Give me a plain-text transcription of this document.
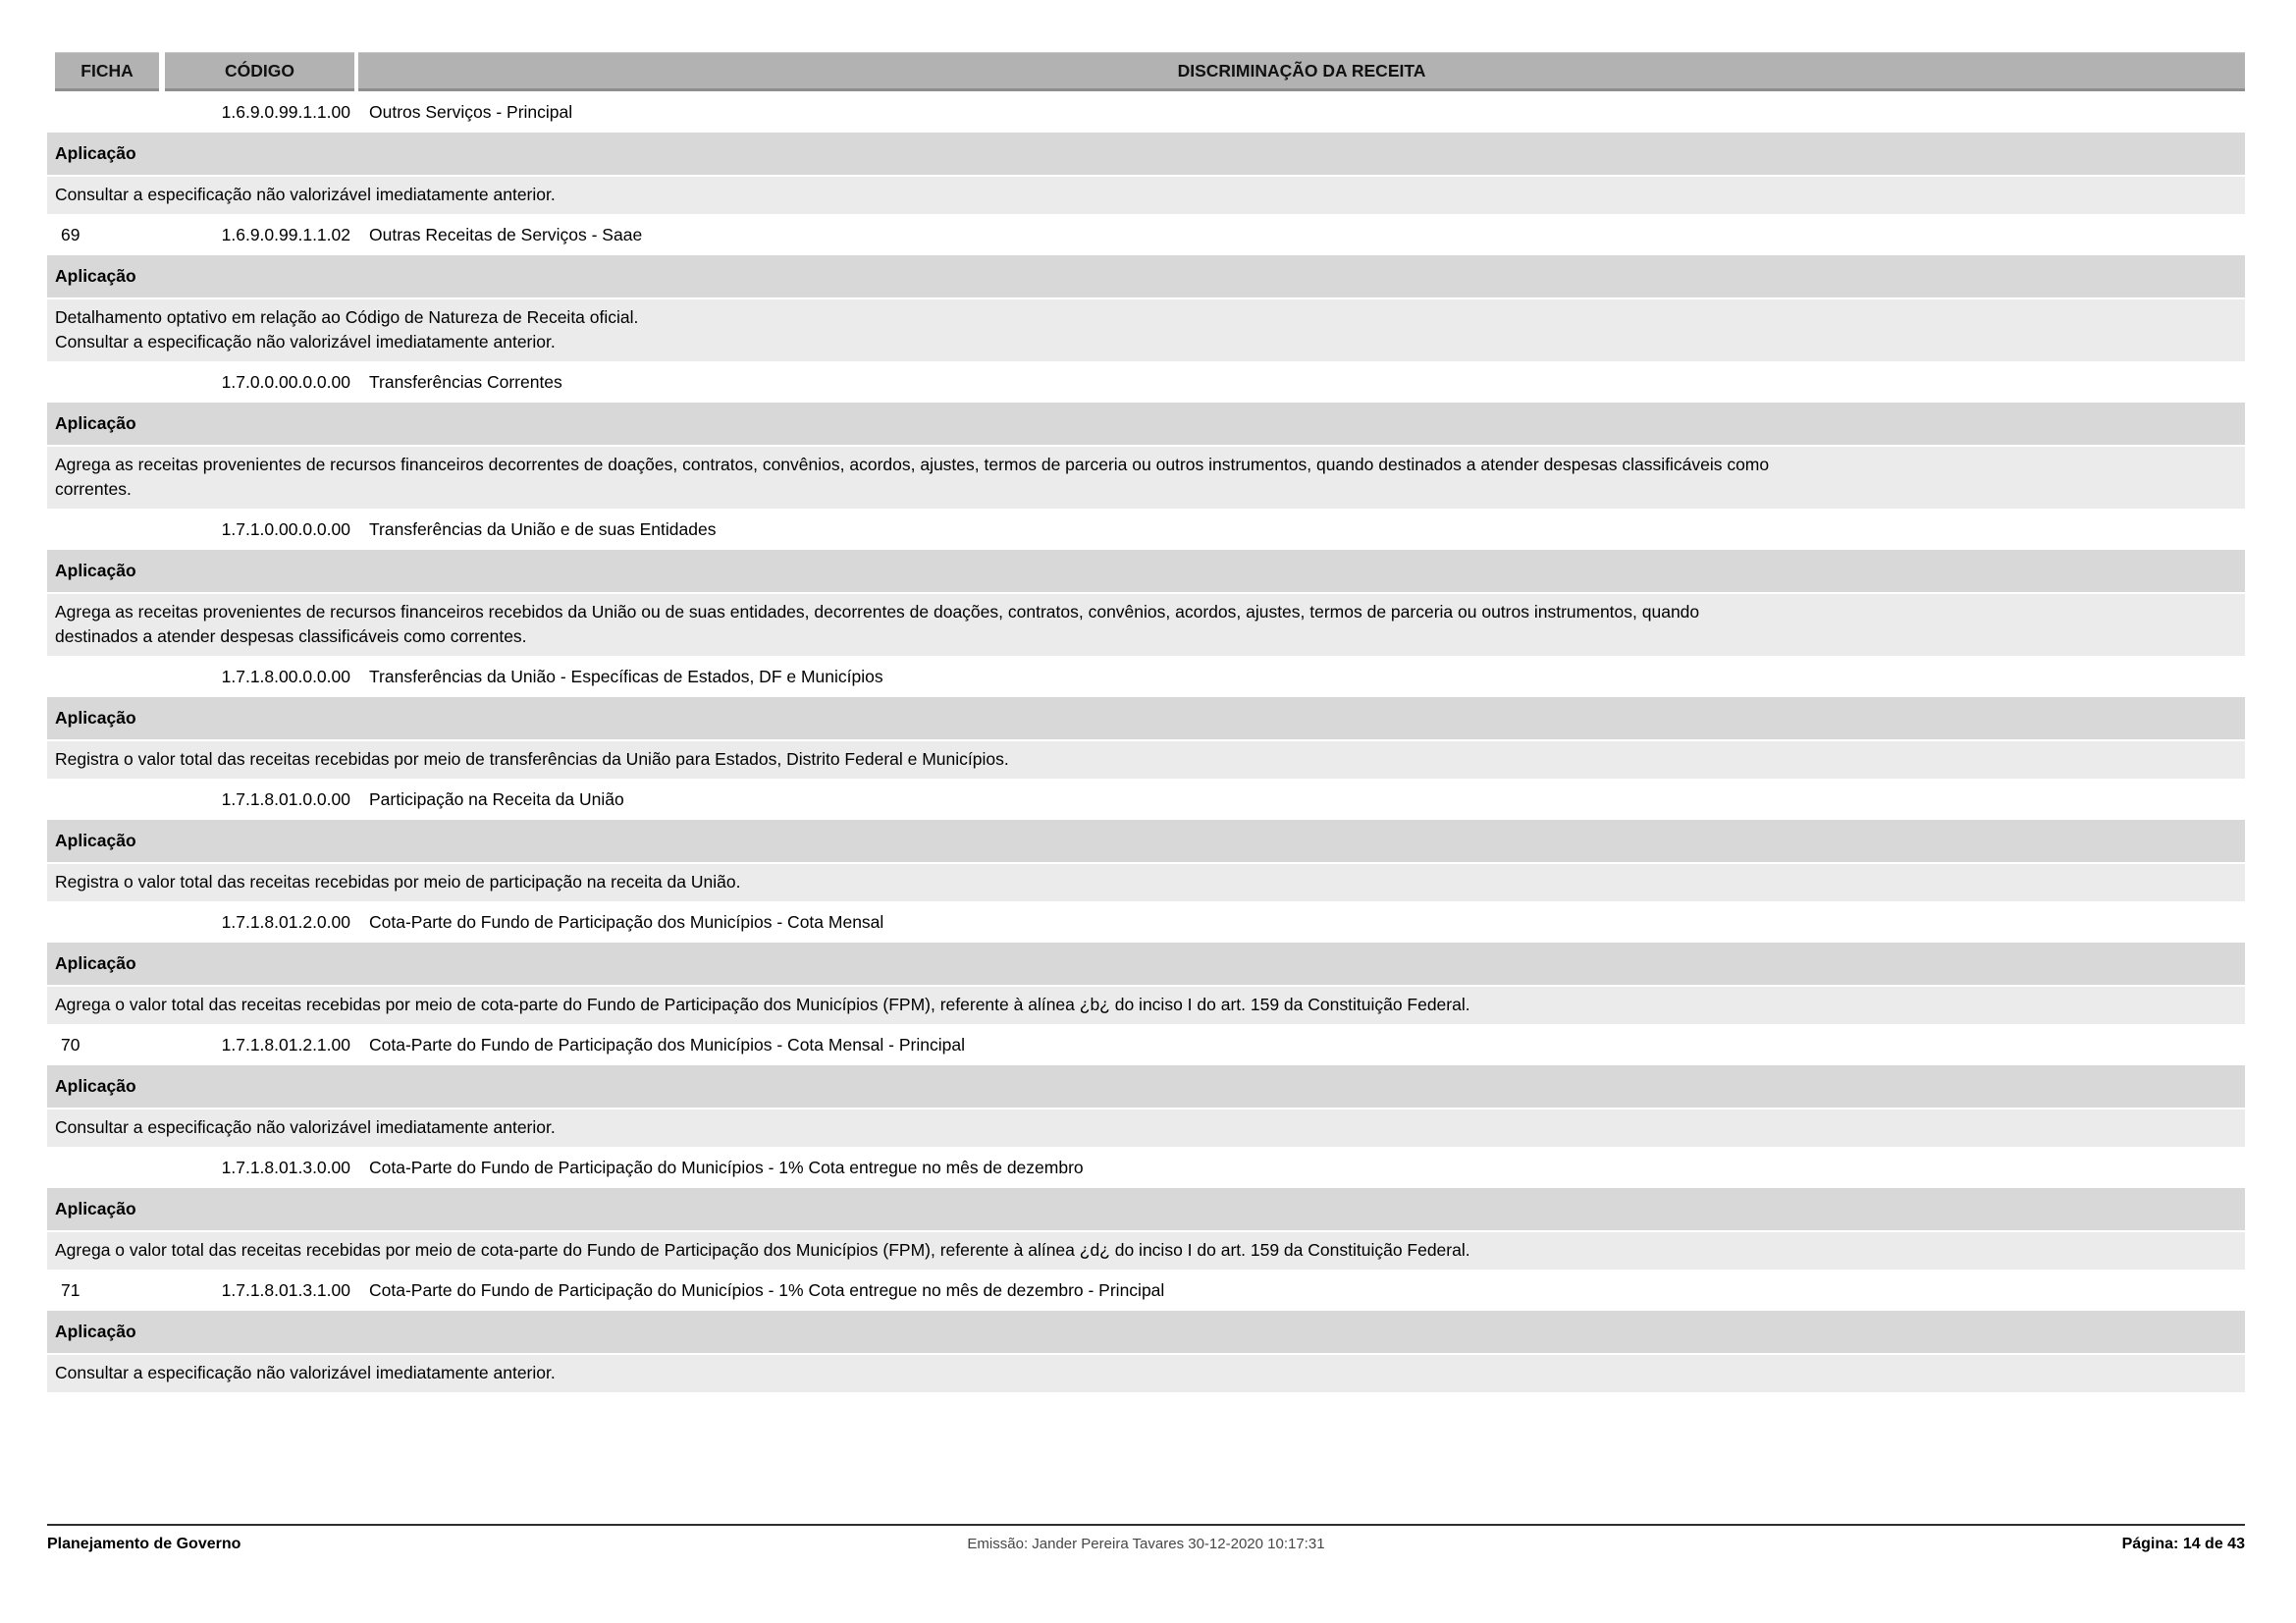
FICHA	CÓDIGO	DISCRIMINAÇÃO DA RECEITA
1.6.9.0.99.1.1.00 Outros Serviços - Principal
Aplicação
Consultar a especificação não valorizável imediatamente anterior.
69	1.6.9.0.99.1.1.02 Outras Receitas de Serviços - Saae
Aplicação
Detalhamento optativo em relação ao Código de Natureza de Receita oficial.
Consultar a especificação não valorizável imediatamente anterior.
1.7.0.0.00.0.0.00 Transferências Correntes
Aplicação
Agrega as receitas provenientes de recursos financeiros decorrentes de doações, contratos, convênios, acordos, ajustes, termos de parceria ou outros instrumentos, quando destinados a atender despesas classificáveis como
correntes.
1.7.1.0.00.0.0.00 Transferências da União e de suas Entidades
Aplicação
Agrega as receitas provenientes de recursos financeiros recebidos da União ou de suas entidades, decorrentes de doações, contratos, convênios, acordos, ajustes, termos de parceria ou outros instrumentos, quando
destinados a atender despesas classificáveis como correntes.
1.7.1.8.00.0.0.00 Transferências da União - Específicas de Estados, DF e Municípios
Aplicação
Registra o valor total das receitas recebidas por meio de transferências da União para Estados, Distrito Federal e Municípios.
1.7.1.8.01.0.0.00 Participação na Receita da União
Aplicação
Registra o valor total das receitas recebidas por meio de participação na receita da União.
1.7.1.8.01.2.0.00 Cota-Parte do Fundo de Participação dos Municípios - Cota Mensal
Aplicação
Agrega o valor total das receitas recebidas por meio de cota-parte do Fundo de Participação dos Municípios (FPM), referente à alínea ¿b¿ do inciso I do art. 159 da Constituição Federal.
70	1.7.1.8.01.2.1.00 Cota-Parte do Fundo de Participação dos Municípios - Cota Mensal - Principal
Aplicação
Consultar a especificação não valorizável imediatamente anterior.
1.7.1.8.01.3.0.00 Cota-Parte do Fundo de Participação do Municípios - 1% Cota entregue no mês de dezembro
Aplicação
Agrega o valor total das receitas recebidas por meio de cota-parte do Fundo de Participação dos Municípios (FPM), referente à alínea ¿d¿ do inciso I do art. 159 da Constituição Federal.
71	1.7.1.8.01.3.1.00 Cota-Parte do Fundo de Participação do Municípios - 1% Cota entregue no mês de dezembro - Principal
Aplicação
Consultar a especificação não valorizável imediatamente anterior.
Planejamento de Governo	Emissão: Jander Pereira Tavares 30-12-2020 10:17:31	Página: 14 de 43
